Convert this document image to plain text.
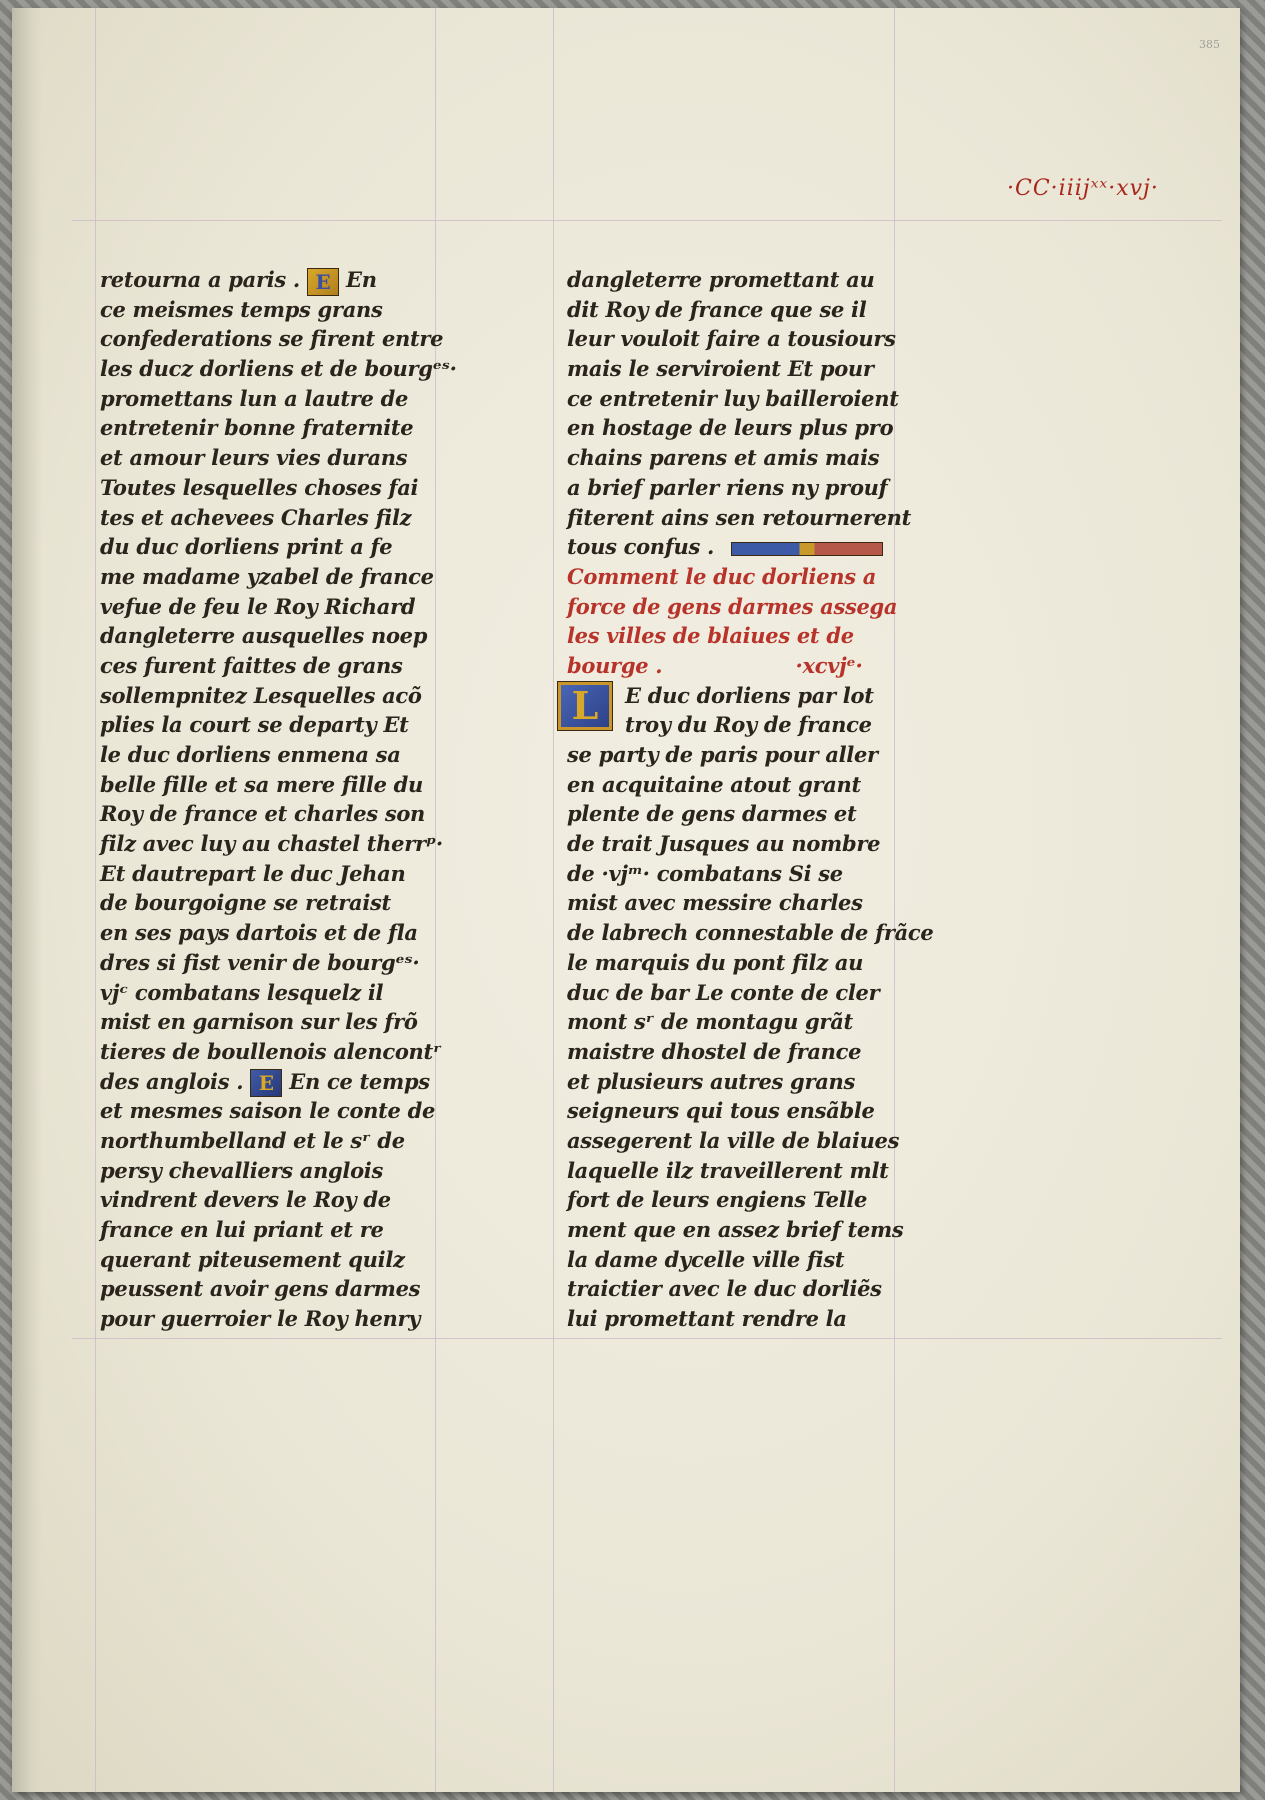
385
·CC·iiijˣˣ·xvj·
retourna a paris . E En
ce meismes temps grans
confederations se firent entre
les ducz dorliens et de bourgᵉˢ·
promettans lun a lautre de
entretenir bonne fraternite
et amour leurs vies durans
Toutes lesquelles choses fai
tes et achevees Charles filz
du duc dorliens print a fe
me madame yzabel de france
vefue de feu le Roy Richard
dangleterre ausquelles noep
ces furent faittes de grans
sollempnitez Lesquelles acõ
plies la court se departy Et
le duc dorliens enmena sa
belle fille et sa mere fille du
Roy de france et charles son
filz avec luy au chastel therrᵖ·
Et dautrepart le duc Jehan
de bourgoigne se retraist
en ses pays dartois et de fla
dres si fist venir de bourgᵉˢ·
vjᶜ combatans lesquelz il
mist en garnison sur les frõ
tieres de boullenois alencontʳ
des anglois . E En ce temps
et mesmes saison le conte de
northumbelland et le sʳ de
persy chevalliers anglois
vindrent devers le Roy de
france en lui priant et re
querant piteusement quilz
peussent avoir gens darmes
pour guerroier le Roy henry
dangleterre promettant au
dit Roy de france que se il
leur vouloit faire a tousiours
mais le serviroient Et pour
ce entretenir luy bailleroient
en hostage de leurs plus pro
chains parens et amis mais
a brief parler riens ny prouf
fiterent ains sen retournerent
tous confus .
Comment le duc dorliens a
force de gens darmes assega
les villes de blaiues et de
bourge .                   ·xcvjᵉ·
L	E duc dorliens par lot
troy du Roy de france
se party de paris pour aller
en acquitaine atout grant
plente de gens darmes et
de trait Jusques au nombre
de ·vjᵐ· combatans Si se
mist avec messire charles
de labrech connestable de frãce
le marquis du pont filz au
duc de bar Le conte de cler
mont sʳ de montagu grãt
maistre dhostel de france
et plusieurs autres grans
seigneurs qui tous ensãble
assegerent la ville de blaiues
laquelle ilz traveillerent mlt
fort de leurs engiens Telle
ment que en assez brief tems
la dame dycelle ville fist
traictier avec le duc dorliẽs
lui promettant rendre la
